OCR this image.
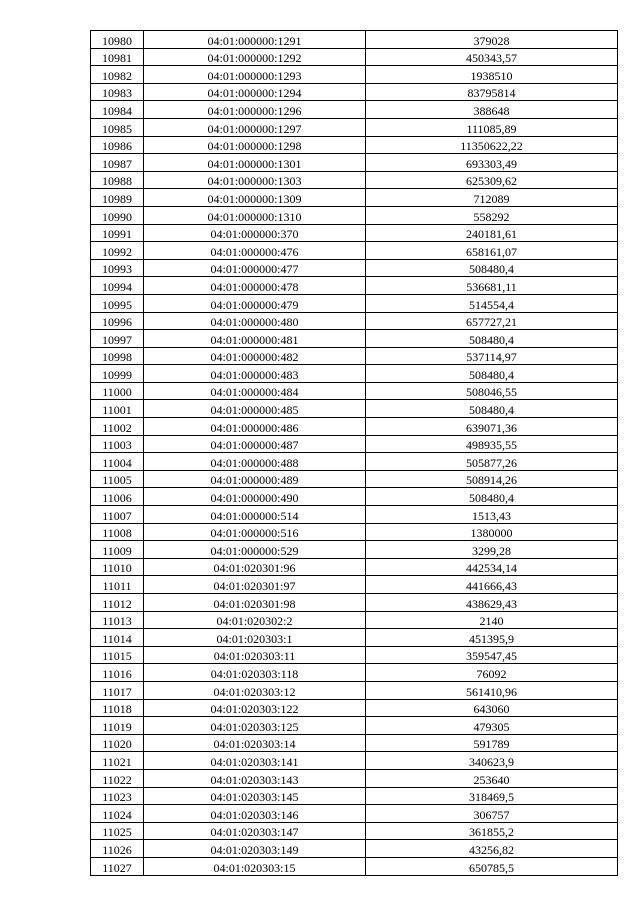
10980	04:01:000000:1291	379028
10981	04:01:000000:1292	450343,57
10982	04:01:000000:1293	1938510
10983	04:01:000000:1294	83795814
10984	04:01:000000:1296	388648
10985	04:01:000000:1297	111085,89
10986	04:01:000000:1298	11350622,22
10987	04:01:000000:1301	693303,49
10988	04:01:000000:1303	625309,62
10989	04:01:000000:1309	712089
10990	04:01:000000:1310	558292
10991	04:01:000000:370	240181,61
10992	04:01:000000:476	658161,07
10993	04:01:000000:477	508480,4
10994	04:01:000000:478	536681,11
10995	04:01:000000:479	514554,4
10996	04:01:000000:480	657727,21
10997	04:01:000000:481	508480,4
10998	04:01:000000:482	537114,97
10999	04:01:000000:483	508480,4
11000	04:01:000000:484	508046,55
11001	04:01:000000:485	508480,4
11002	04:01:000000:486	639071,36
11003	04:01:000000:487	498935,55
11004	04:01:000000:488	505877,26
11005	04:01:000000:489	508914,26
11006	04:01:000000:490	508480,4
11007	04:01:000000:514	1513,43
11008	04:01:000000:516	1380000
11009	04:01:000000:529	3299,28
11010	04:01:020301:96	442534,14
11011	04:01:020301:97	441666,43
11012	04:01:020301:98	438629,43
11013	04:01:020302:2	2140
11014	04:01:020303:1	451395,9
11015	04:01:020303:11	359547,45
11016	04:01:020303:118	76092
11017	04:01:020303:12	561410,96
11018	04:01:020303:122	643060
11019	04:01:020303:125	479305
11020	04:01:020303:14	591789
11021	04:01:020303:141	340623,9
11022	04:01:020303:143	253640
11023	04:01:020303:145	318469,5
11024	04:01:020303:146	306757
11025	04:01:020303:147	361855,2
11026	04:01:020303:149	43256,82
11027	04:01:020303:15	650785,5
